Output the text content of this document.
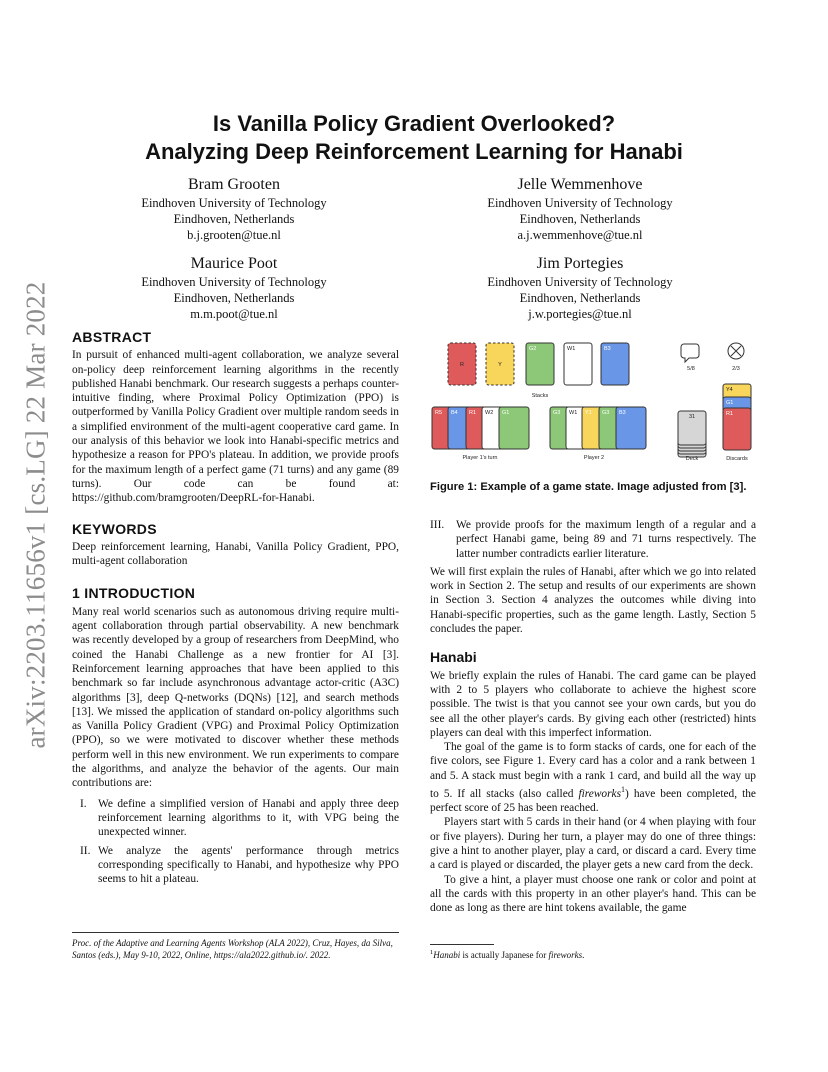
arXiv:2203.11656v1 [cs.LG] 22 Mar 2022
Is Vanilla Policy Gradient Overlooked?
Analyzing Deep Reinforcement Learning for Hanabi
Bram Grooten
Eindhoven University of Technology
Eindhoven, Netherlands
b.j.grooten@tue.nl
Jelle Wemmenhove
Eindhoven University of Technology
Eindhoven, Netherlands
a.j.wemmenhove@tue.nl
Maurice Poot
Eindhoven University of Technology
Eindhoven, Netherlands
m.m.poot@tue.nl
Jim Portegies
Eindhoven University of Technology
Eindhoven, Netherlands
j.w.portegies@tue.nl
ABSTRACT

In pursuit of enhanced multi-agent collaboration, we analyze several on-policy deep reinforcement learning algorithms in the recently published Hanabi benchmark. Our research suggests a perhaps counter-intuitive finding, where Proximal Policy Optimization (PPO) is outperformed by Vanilla Policy Gradient over multiple random seeds in a simplified environment of the multi-agent cooperative card game. In our analysis of this behavior we look into Hanabi-specific metrics and hypothesize a reason for PPO's plateau. In addition, we provide proofs for the maximum length of a perfect game (71 turns) and any game (89 turns). Our code can be found at: https://github.com/bramgrooten/DeepRL-for-Hanabi.

KEYWORDS

Deep reinforcement learning, Hanabi, Vanilla Policy Gradient, PPO, multi-agent collaboration

1 INTRODUCTION

Many real world scenarios such as autonomous driving require multi-agent collaboration through partial observability. A new benchmark was recently developed by a group of researchers from DeepMind, who coined the Hanabi Challenge as a new frontier for AI [3]. Reinforcement learning approaches that have been applied to this benchmark so far include asynchronous advantage actor-critic (A3C) algorithms [3], deep Q-networks (DQNs) [12], and search methods [13]. We missed the application of standard on-policy algorithms such as Vanilla Policy Gradient (VPG) and Proximal Policy Optimization (PPO), so we were motivated to discover whether these methods perform well in this new environment. We run experiments to compare the algorithms, and analyze the behavior of the agents. Our main contributions are:

I. We define a simplified version of Hanabi and apply three deep reinforcement learning algorithms to it, with VPG being the unexpected winner.
II. We analyze the agents' performance through metrics corresponding specifically to Hanabi, and hypothesize why PPO seems to hit a plateau.
Proc. of the Adaptive and Learning Agents Workshop (ALA 2022), Cruz, Hayes, da Silva, Santos (eds.), May 9-10, 2022, Online, https://ala2022.github.io/. 2022.
R	Y
G2	W1	B3
Stacks
R5 B4 R1 W2 G1
Player 1's turn
G3 W1 Y1 G3 B3
Player 2
5/8	2/3
31
Deck
Y4
G1
R1
Discards
Figure 1: Example of a game state. Image adjusted from [3].
III. We provide proofs for the maximum length of a regular and a perfect Hanabi game, being 89 and 71 turns respectively. The latter number contradicts earlier literature.

We will first explain the rules of Hanabi, after which we go into related work in Section 2. The setup and results of our experiments are shown in Section 3. Section 4 analyzes the outcomes while diving into Hanabi-specific properties, such as the game length. Lastly, Section 5 concludes the paper.

Hanabi

We briefly explain the rules of Hanabi. The card game can be played with 2 to 5 players who collaborate to achieve the highest score possible. The twist is that you cannot see your own cards, but you do see all the other player's cards. By giving each other (restricted) hints players can deal with this imperfect information.

The goal of the game is to form stacks of cards, one for each of the five colors, see Figure 1. Every card has a color and a rank between 1 and 5. A stack must begin with a rank 1 card, and build all the way up to 5. If all stacks (also called fireworks$^1$) have been completed, the perfect score of 25 has been reached.

Players start with 5 cards in their hand (or 4 when playing with four or five players). During her turn, a player may do one of three things: give a hint to another player, play a card, or discard a card. Every time a card is played or discarded, the player gets a new card from the deck.

To give a hint, a player must choose one rank or color and point at all the cards with this property in an other player's hand. This can be done as long as there are hint tokens available, the game

$^1$Hanabi is actually Japanese for fireworks.
